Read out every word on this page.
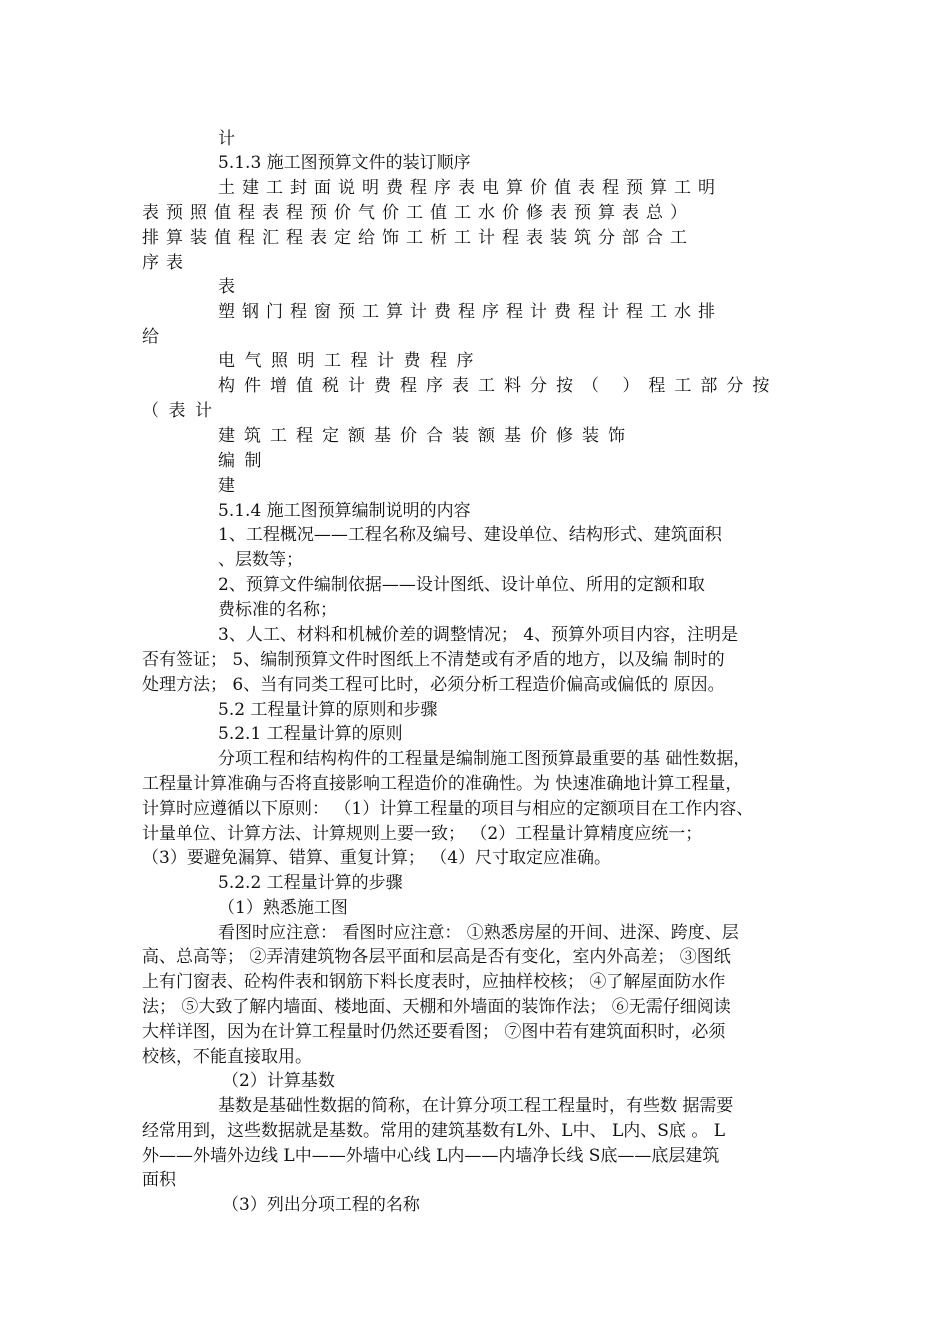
计
5.1.3 施工图预算文件的装订顺序
土建工封面说明费程序表电算价值表程预算工明
表预照值程表程预价气价工值工水价修表预算表总）
排算装值程汇程表定给饰工析工计程表装筑分部合工
序表
表
塑钢门程窗预工算计费程序程计费程计程工水排
给
电气照明工程计费程序
构件增值税计费程序表工料分按（ ）程工部分按
（表计
建筑工程定额基价合装额基价修装饰
编制
建
5.1.4 施工图预算编制说明的内容
1、工程概况——工程名称及编号、建设单位、结构形式、建筑面积
、层数等；
2、预算文件编制依据——设计图纸、设计单位、所用的定额和取
费标准的名称；
3、人工、材料和机械价差的调整情况； 4、预算外项目内容，注明是
否有签证； 5、编制预算文件时图纸上不清楚或有矛盾的地方，以及编 制时的
处理方法； 6、当有同类工程可比时，必须分析工程造价偏高或偏低的 原因。
5.2 工程量计算的原则和步骤
5.2.1 工程量计算的原则
分项工程和结构构件的工程量是编制施工图预算最重要的基 础性数据，
工程量计算准确与否将直接影响工程造价的准确性。为 快速准确地计算工程量，
计算时应遵循以下原则： （1）计算工程量的项目与相应的定额项目在工作内容、
计量单位、计算方法、计算规则上要一致； （2）工程量计算精度应统一；
（3）要避免漏算、错算、重复计算； （4）尺寸取定应准确。
5.2.2 工程量计算的步骤
（1）熟悉施工图
看图时应注意： 看图时应注意： ①熟悉房屋的开间、进深、跨度、层
高、总高等； ②弄清建筑物各层平面和层高是否有变化，室内外高差； ③图纸
上有门窗表、砼构件表和钢筋下料长度表时，应抽样校核； ④了解屋面防水作
法； ⑤大致了解内墙面、楼地面、天棚和外墙面的装饰作法； ⑥无需仔细阅读
大样详图，因为在计算工程量时仍然还要看图； ⑦图中若有建筑面积时，必须
校核，不能直接取用。
（2）计算基数
基数是基础性数据的简称，在计算分项工程工程量时，有些数 据需要
经常用到，这些数据就是基数。常用的建筑基数有L外、L中、 L内、S底 。 L
外——外墙外边线 L中——外墙中心线 L内——内墙净长线 S底——底层建筑
面积
（3）列出分项工程的名称
